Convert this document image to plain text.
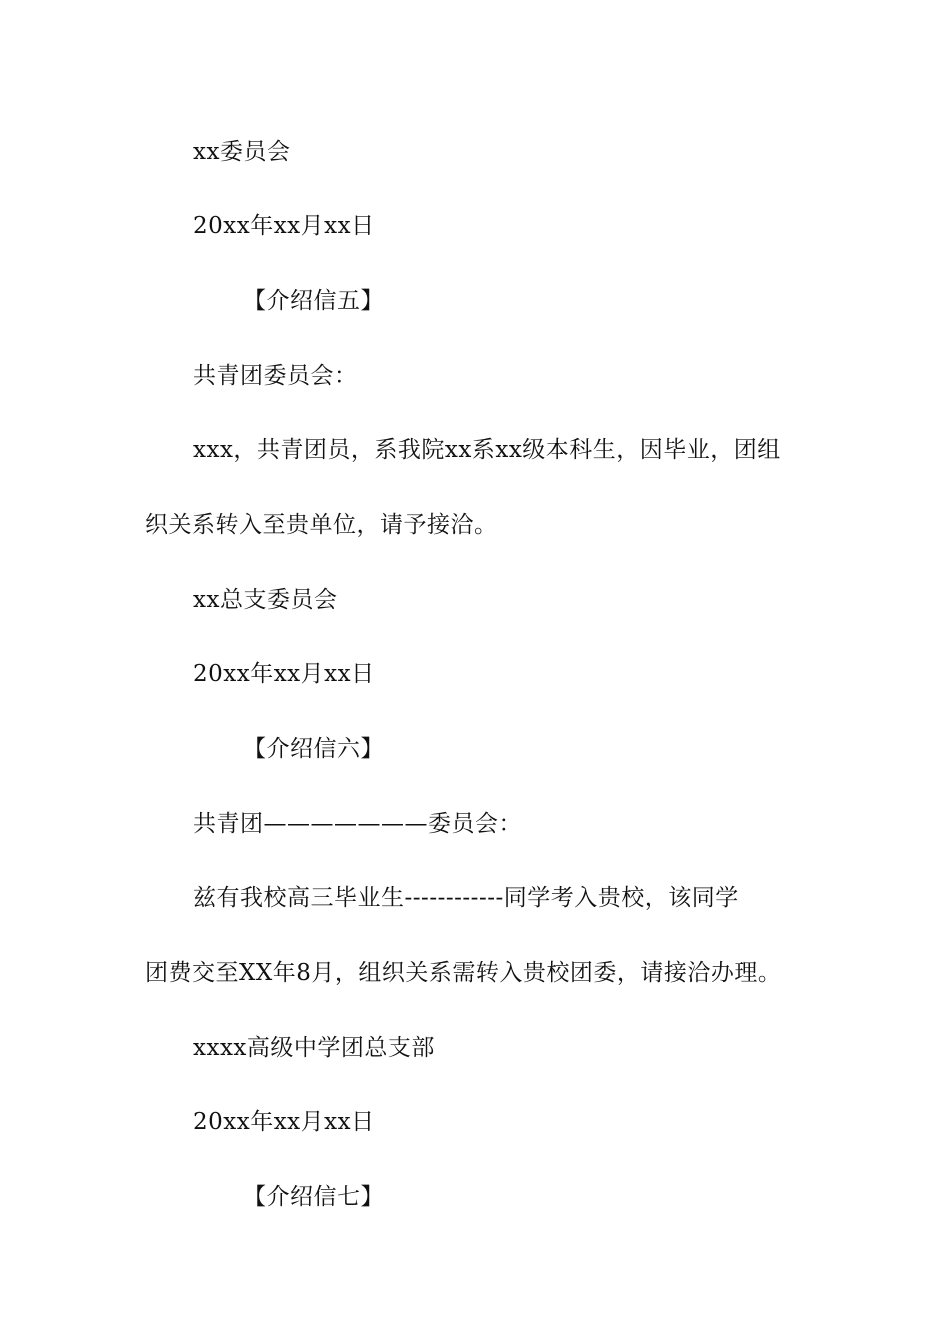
xx委员会
20xx年xx月xx日
【介绍信五】
共青团委员会：
xxx，共青团员，系我院xx系xx级本科生，因毕业，团组
织关系转入至贵单位，请予接洽。
xx总支委员会
20xx年xx月xx日
【介绍信六】
共青团———————委员会：
兹有我校高三毕业生------------同学考入贵校，该同学
团费交至XX年8月，组织关系需转入贵校团委，请接洽办理。
xxxx高级中学团总支部
20xx年xx月xx日
【介绍信七】
